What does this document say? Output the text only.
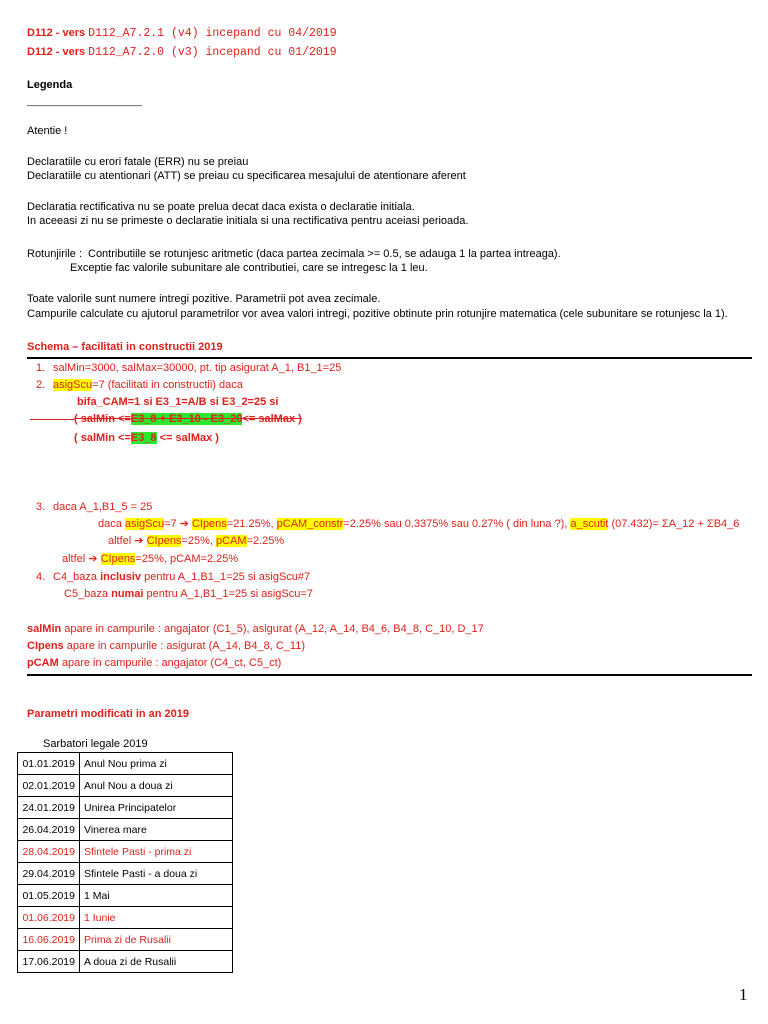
D112 - vers D112_A7.2.1 (v4) incepand cu 04/2019
D112 - vers D112_A7.2.0 (v3) incepand cu 01/2019
Legenda
_______________________
Atentie !
Declaratiile cu erori fatale (ERR) nu se preiau
Declaratiile cu atentionari (ATT) se preiau cu specificarea mesajului de atentionare aferent
Declaratia rectificativa nu se poate prelua decat daca exista o declaratie initiala.
In aceeasi zi nu se primeste o declaratie initiala si una rectificativa pentru aceiasi perioada.
Rotunjirile : Contributiile se rotunjesc aritmetic (daca partea zecimala >= 0.5, se adauga 1 la partea intreaga).
Exceptie fac valorile subunitare ale contributiei, care se intregesc la 1 leu.
Toate valorile sunt numere intregi pozitive. Parametrii pot avea zecimale.
Campurile calculate cu ajutorul parametrilor vor avea valori intregi, pozitive obtinute prin rotunjire matematica (cele subunitare se rotunjesc la 1).
Schema – facilitati in constructii 2019
1. salMin=3000, salMax=30000, pt. tip asigurat A_1, B1_1=25
2. asigScu=7 (facilitati in constructii) daca
bifa_CAM=1 si E3_1=A/B si E3_2=25 si
( salMin <=E3_8 + E3_10 - E3_20<= salMax )
( salMin <=E3_8 <= salMax )
3. daca A_1,B1_5 = 25
daca asigScu=7 ➔ CIpens=21.25%, pCAM_constr=2.25% sau 0.3375% sau 0.27% ( din luna ?), a_scutit (07.432)= ΣA_12 + ΣB4_6
altfel ➔ CIpens=25%, pCAM=2.25%
altfel ➔ CIpens=25%, pCAM=2.25%
4. C4_baza inclusiv pentru A_1,B1_1=25 si asigScu#7
C5_baza numai pentru A_1,B1_1=25 si asigScu=7
salMin apare in campurile : angajator (C1_5), asigurat (A_12, A_14, B4_6, B4_8, C_10, D_17
CIpens apare in campurile : asigurat (A_14, B4_8, C_11)
pCAM apare in campurile : angajator (C4_ct, C5_ct)
Parametri modificati in an 2019
Sarbatori legale 2019
01.01.2019	Anul Nou prima zi
02.01.2019	Anul Nou a doua zi
24.01.2019	Unirea Principatelor
26.04.2019	Vinerea mare
28.04.2019	Sfintele Pasti - prima zi
29.04.2019	Sfintele Pasti - a doua zi
01.05.2019	1 Mai
01.06.2019	1 Iunie
16.06.2019	Prima zi de Rusalii
17.06.2019	A doua zi de Rusalii
1
